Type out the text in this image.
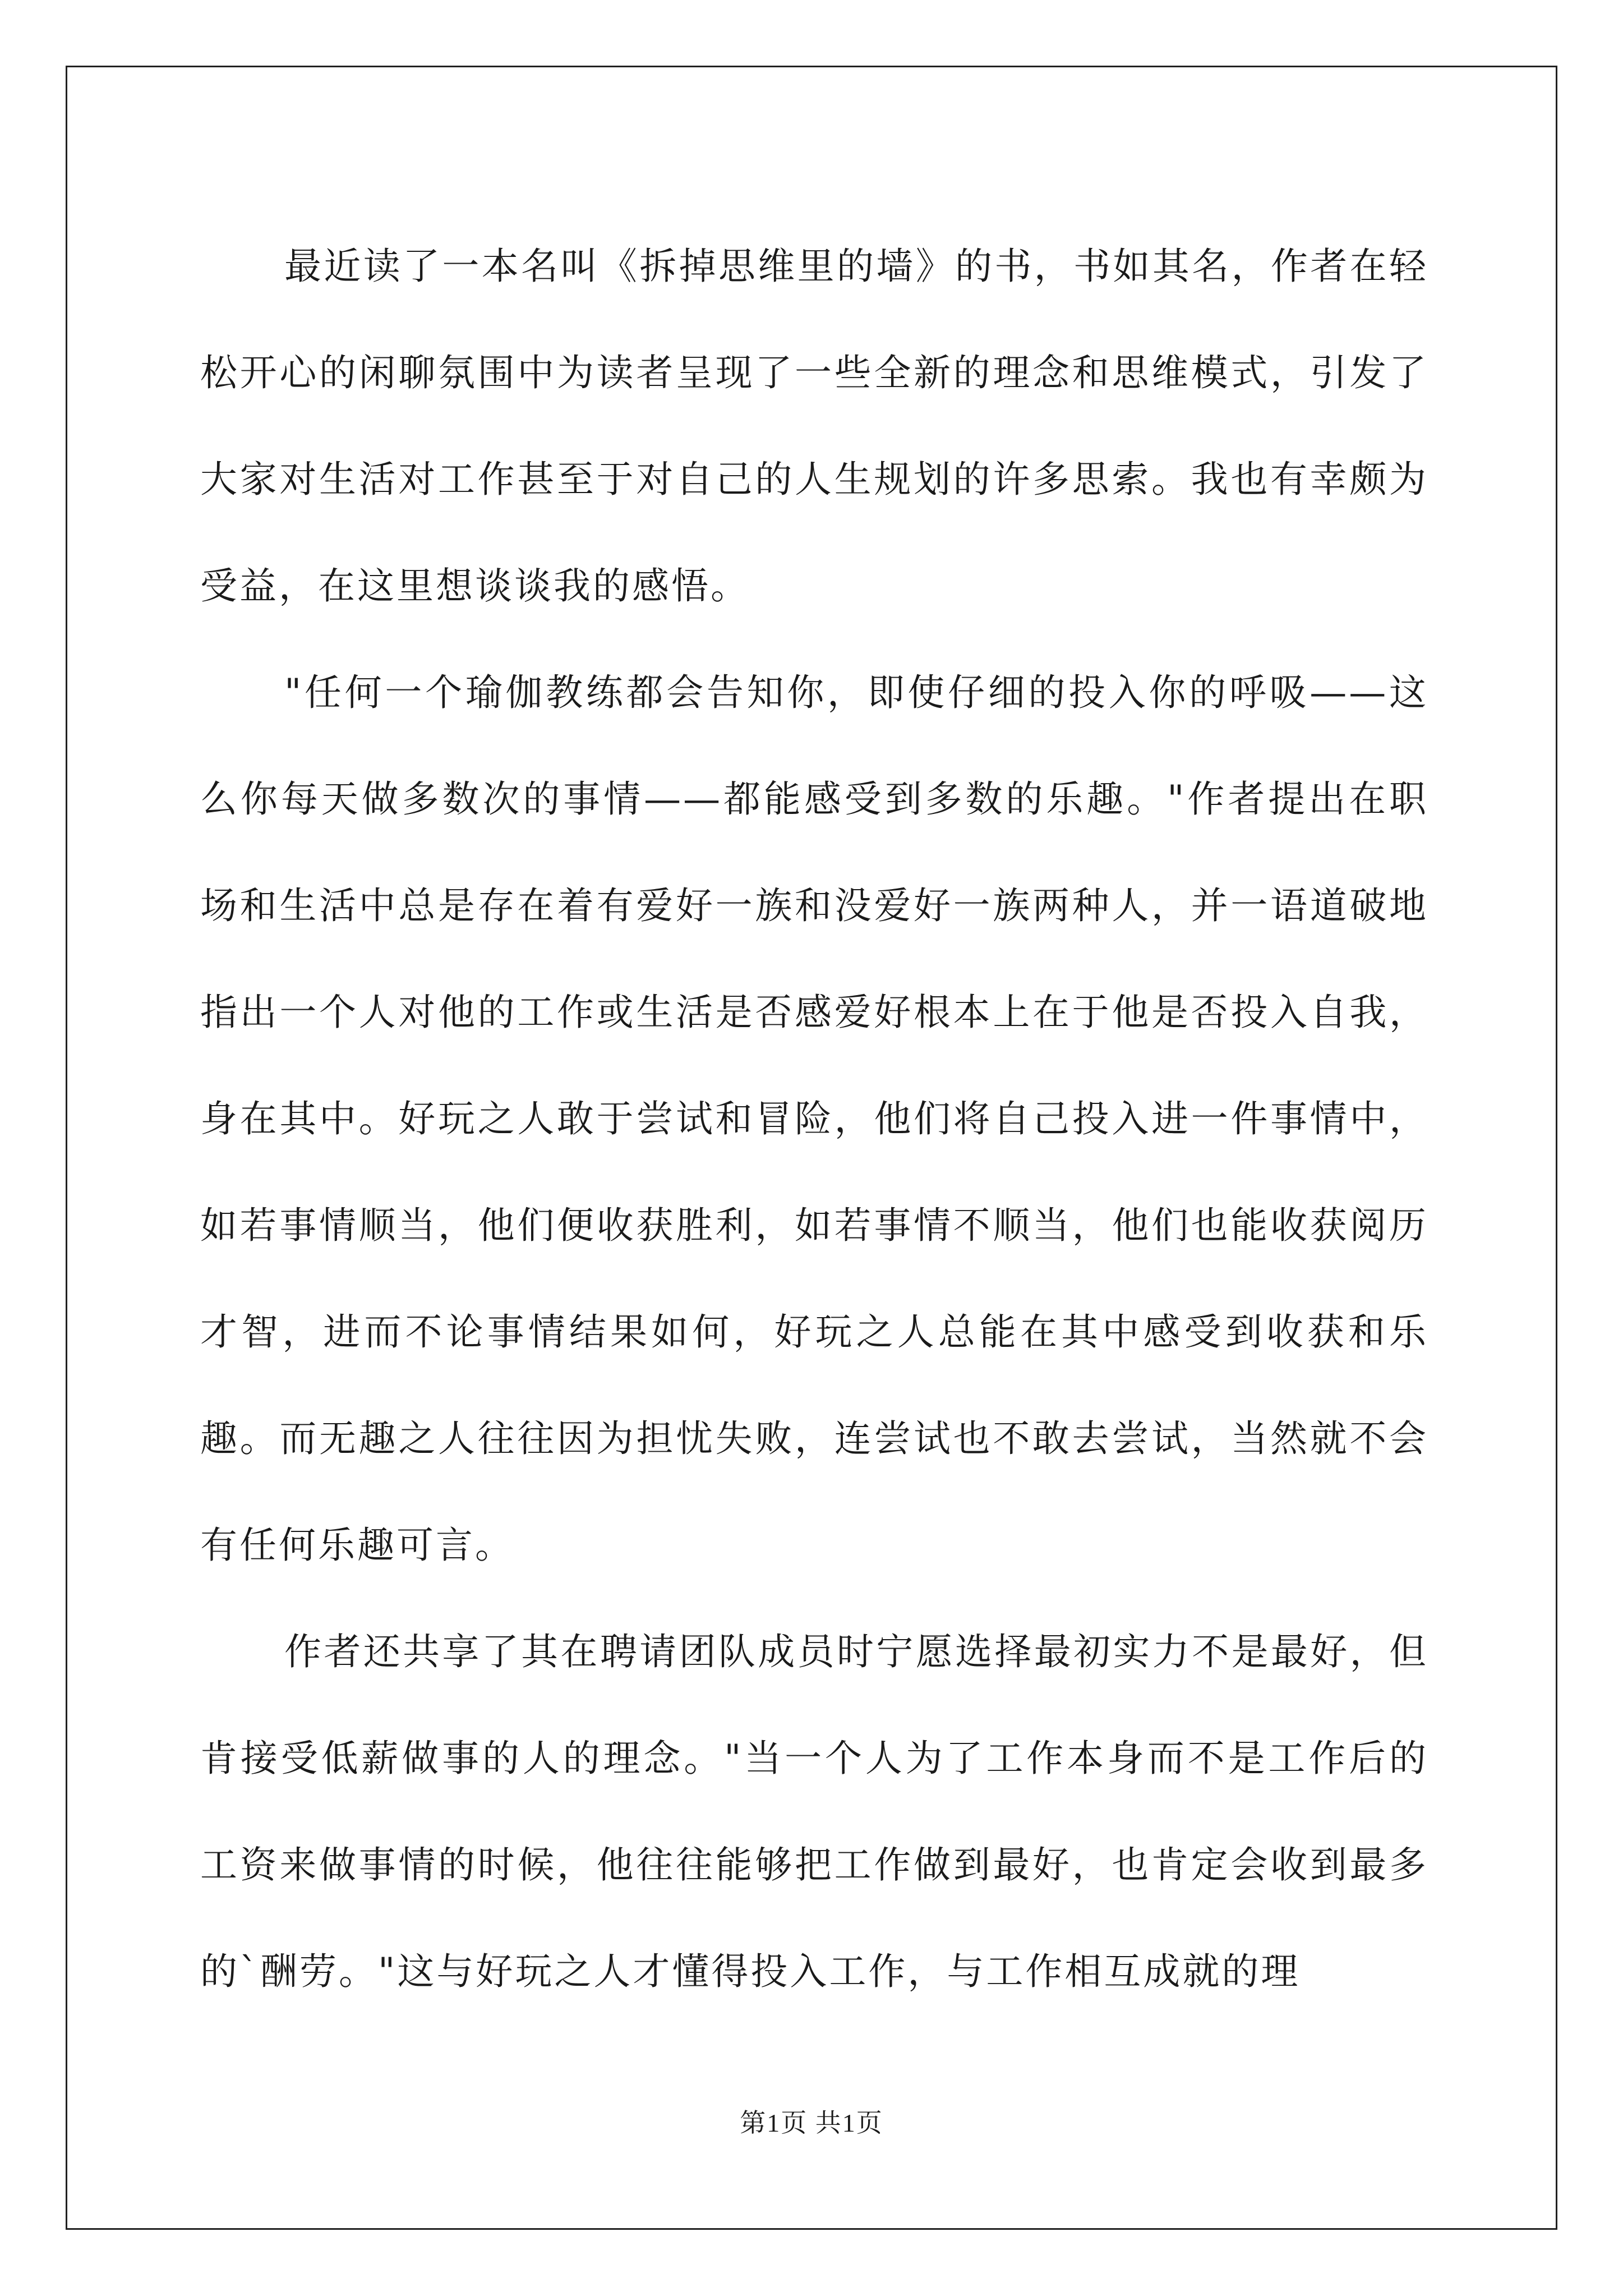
最近读了一本名叫《拆掉思维里的墙》的书，书如其名，作者在轻松开心的闲聊氛围中为读者呈现了一些全新的理念和思维模式，引发了大家对生活对工作甚至于对自己的人生规划的许多思索。我也有幸颇为受益，在这里想谈谈我的感悟。

"任何一个瑜伽教练都会告知你，即使仔细的投入你的呼吸——这么你每天做多数次的事情——都能感受到多数的乐趣。"作者提出在职场和生活中总是存在着有爱好一族和没爱好一族两种人，并一语道破地指出一个人对他的工作或生活是否感爱好根本上在于他是否投入自我，身在其中。好玩之人敢于尝试和冒险，他们将自己投入进一件事情中，如若事情顺当，他们便收获胜利，如若事情不顺当，他们也能收获阅历才智，进而不论事情结果如何，好玩之人总能在其中感受到收获和乐趣。而无趣之人往往因为担忧失败，连尝试也不敢去尝试，当然就不会有任何乐趣可言。

作者还共享了其在聘请团队成员时宁愿选择最初实力不是最好，但肯接受低薪做事的人的理念。"当一个人为了工作本身而不是工作后的工资来做事情的时候，他往往能够把工作做到最好，也肯定会收到最多的`酬劳。"这与好玩之人才懂得投入工作，与工作相互成就的理

第1页 共1页
